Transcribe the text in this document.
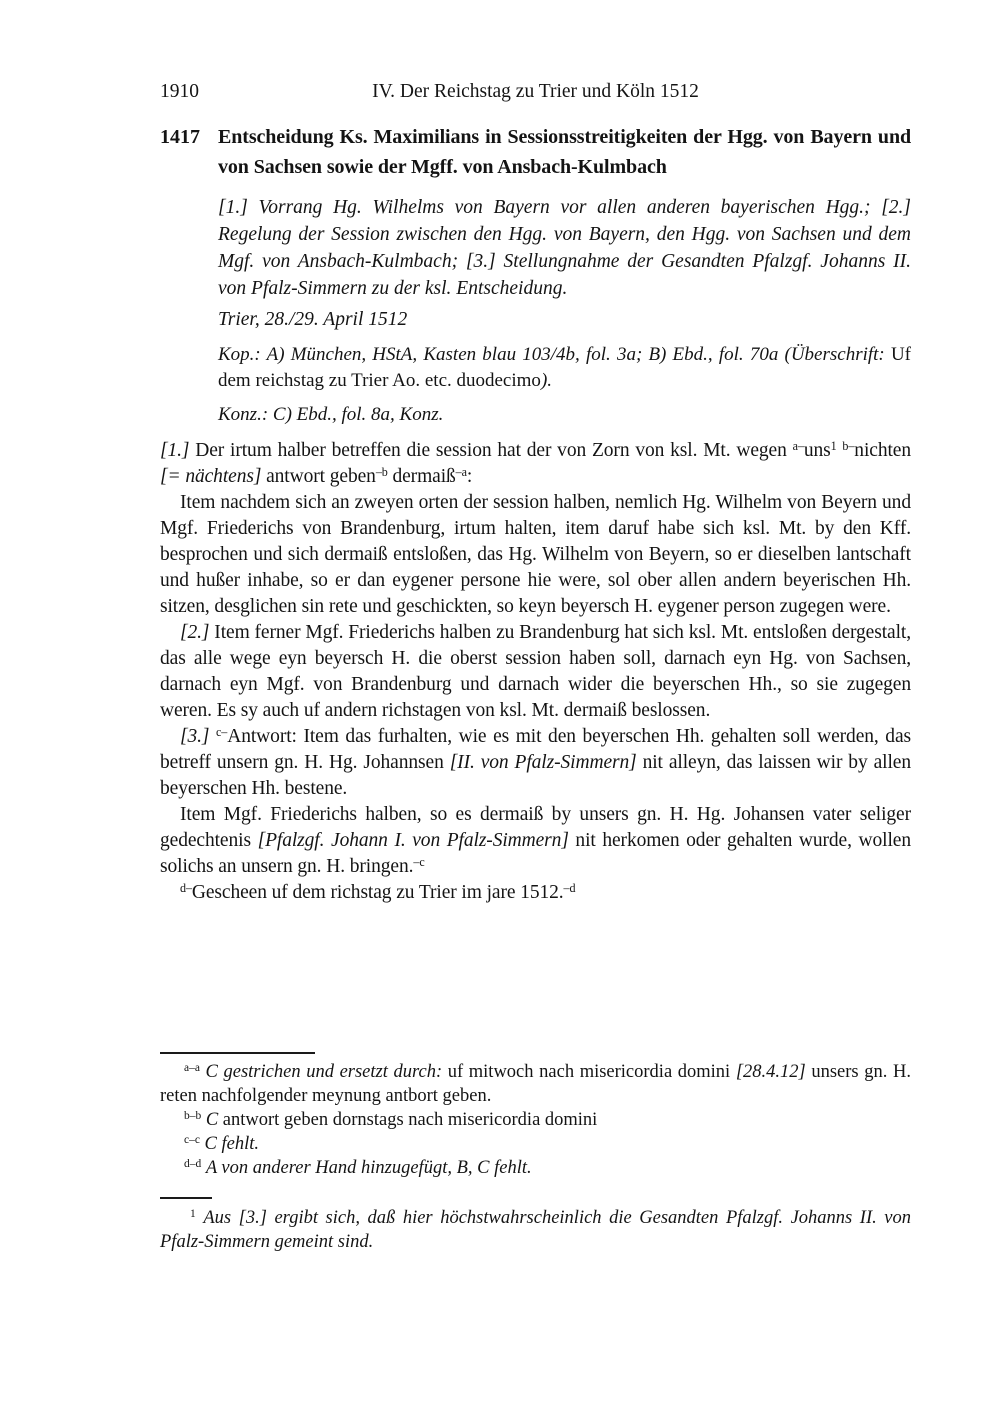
1910	IV. Der Reichstag zu Trier und Köln 1512
1417 Entscheidung Ks. Maximilians in Sessionsstreitigkeiten der Hgg. von Bayern und von Sachsen sowie der Mgff. von Ansbach-Kulmbach
[1.] Vorrang Hg. Wilhelms von Bayern vor allen anderen bayerischen Hgg.; [2.] Regelung der Session zwischen den Hgg. von Bayern, den Hgg. von Sachsen und dem Mgf. von Ansbach-Kulmbach; [3.] Stellungnahme der Gesandten Pfalzgf. Johanns II. von Pfalz-Simmern zu der ksl. Entscheidung.
Trier, 28./29. April 1512
Kop.: A) München, HStA, Kasten blau 103/4b, fol. 3a; B) Ebd., fol. 70a (Überschrift: Uf dem reichstag zu Trier Ao. etc. duodecimo).
Konz.: C) Ebd., fol. 8a, Konz.
[1.] Der irtum halber betreffen die session hat der von Zorn von ksl. Mt. wegen $^{a-}$uns$^1$ $^{b-}$nichten [= nächtens] antwort geben$^{-b}$ dermaiß$^{-a}$:
Item nachdem sich an zweyen orten der session halben, nemlich Hg. Wilhelm von Beyern und Mgf. Friederichs von Brandenburg, irtum halten, item daruf habe sich ksl. Mt. by den Kff. besprochen und sich dermaiß entsloßen, das Hg. Wilhelm von Beyern, so er dieselben lantschaft und hußer inhabe, so er dan eygener persone hie were, sol ober allen andern beyerischen Hh. sitzen, desglichen sin rete und geschickten, so keyn beyersch H. eygener person zugegen were.
[2.] Item ferner Mgf. Friederichs halben zu Brandenburg hat sich ksl. Mt. entsloßen dergestalt, das alle wege eyn beyersch H. die oberst session haben soll, darnach eyn Hg. von Sachsen, darnach eyn Mgf. von Brandenburg und darnach wider die beyerschen Hh., so sie zugegen weren. Es sy auch uf andern richstagen von ksl. Mt. dermaiß beslossen.
[3.] $^{c-}$Antwort: Item das furhalten, wie es mit den beyerschen Hh. gehalten soll werden, das betreff unsern gn. H. Hg. Johannsen [II. von Pfalz-Simmern] nit alleyn, das laissen wir by allen beyerschen Hh. bestene.
Item Mgf. Friederichs halben, so es dermaiß by unsers gn. H. Hg. Johansen vater seliger gedechtenis [Pfalzgf. Johann I. von Pfalz-Simmern] nit herkomen oder gehalten wurde, wollen solichs an unsern gn. H. bringen.$^{-c}$
$^{d-}$Gescheen uf dem richstag zu Trier im jare 1512.$^{-d}$
$^{a-a}$ C gestrichen und ersetzt durch: uf mitwoch nach misericordia domini [28.4.12] unsers gn. H. reten nachfolgender meynung antbort geben.
$^{b-b}$ C antwort geben dornstags nach misericordia domini
$^{c-c}$ C fehlt.
$^{d-d}$ A von anderer Hand hinzugefügt, B, C fehlt.
$^1$ Aus [3.] ergibt sich, daß hier höchstwahrscheinlich die Gesandten Pfalzgf. Johanns II. von Pfalz-Simmern gemeint sind.
